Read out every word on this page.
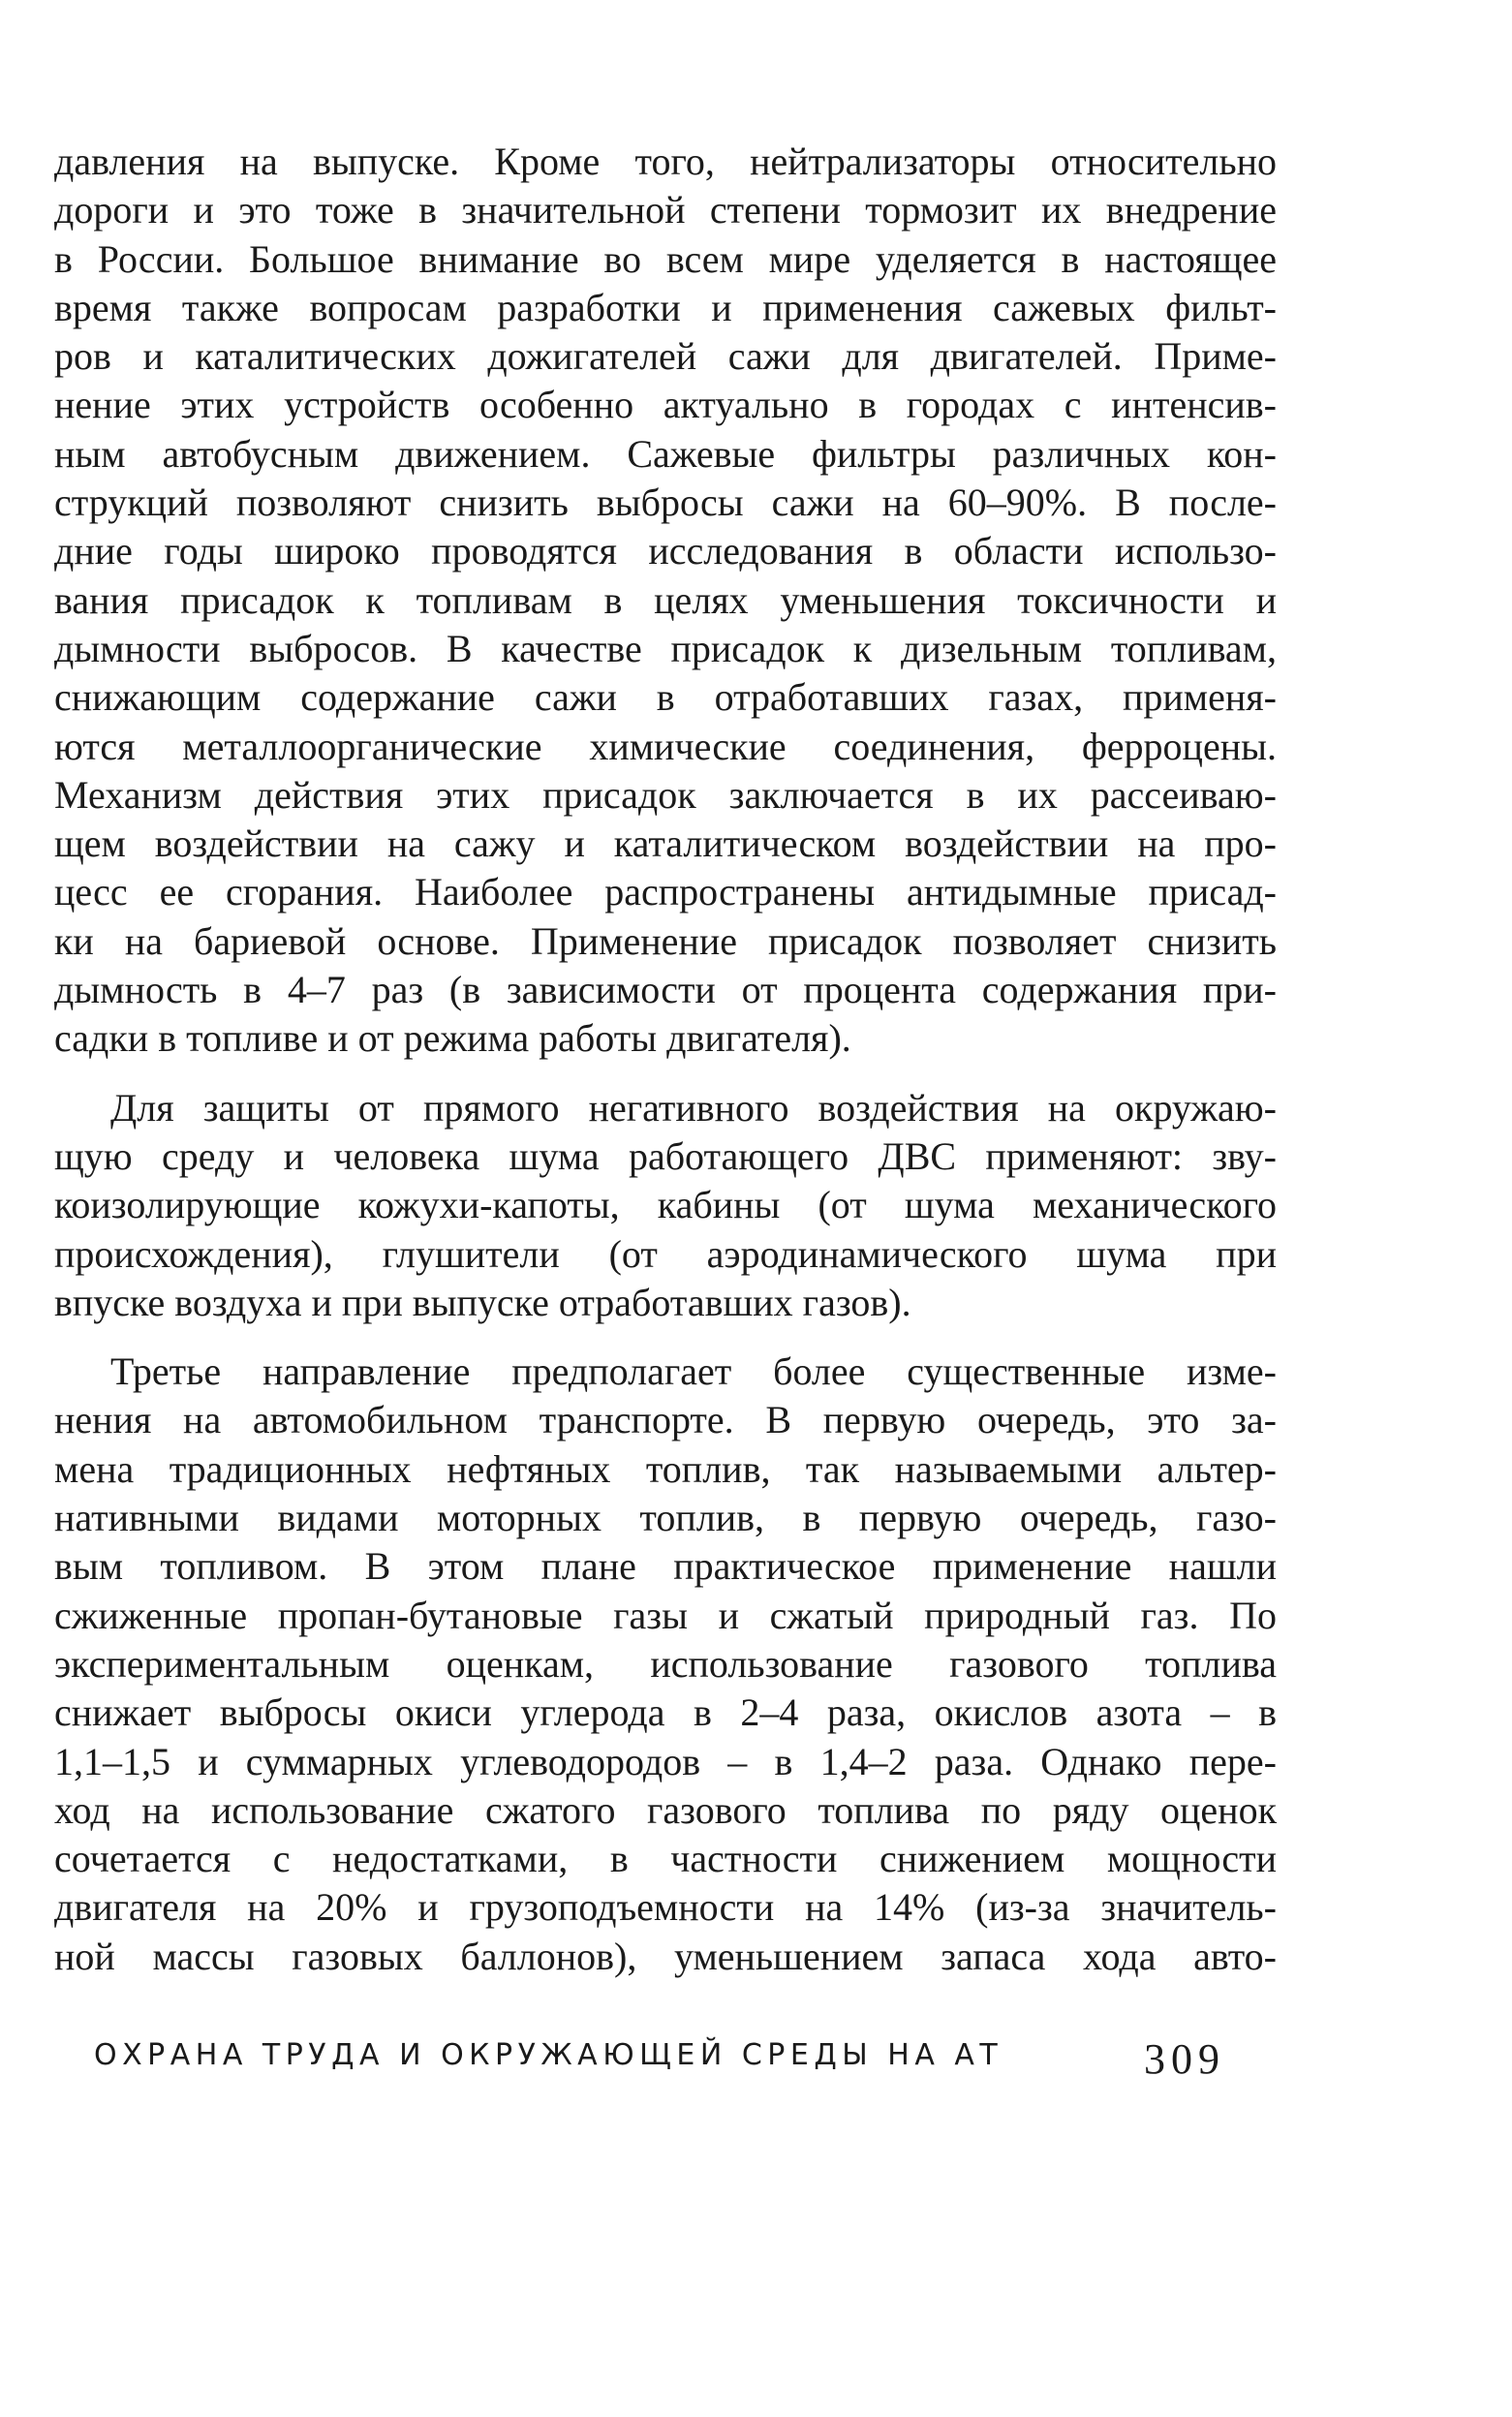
давления на выпуске. Кроме того, нейтрализаторы относительно
дороги и это тоже в значительной степени тормозит их внедрение
в России. Большое внимание во всем мире уделяется в настоящее
время также вопросам разработки и применения сажевых фильт-
ров и каталитических дожигателей сажи для двигателей. Приме-
нение этих устройств особенно актуально в городах с интенсив-
ным автобусным движением. Сажевые фильтры различных кон-
струкций позволяют снизить выбросы сажи на 60–90%. В после-
дние годы широко проводятся исследования в области использо-
вания присадок к топливам в целях уменьшения токсичности и
дымности выбросов. В качестве присадок к дизельным топливам,
снижающим содержание сажи в отработавших газах, применя-
ются металлоорганические химические соединения, ферроцены.
Механизм действия этих присадок заключается в их рассеиваю-
щем воздействии на сажу и каталитическом воздействии на про-
цесс ее сгорания. Наиболее распространены антидымные присад-
ки на бариевой основе. Применение присадок позволяет снизить
дымность в 4–7 раз (в зависимости от процента содержания при-
садки в топливе и от режима работы двигателя).
Для защиты от прямого негативного воздействия на окружаю-
щую среду и человека шума работающего ДВС применяют: зву-
коизолирующие кожухи-капоты, кабины (от шума механического
происхождения), глушители (от аэродинамического шума при
впуске воздуха и при выпуске отработавших газов).
Третье направление предполагает более существенные изме-
нения на автомобильном транспорте. В первую очередь, это за-
мена традиционных нефтяных топлив, так называемыми альтер-
нативными видами моторных топлив, в первую очередь, газо-
вым топливом. В этом плане практическое применение нашли
сжиженные пропан-бутановые газы и сжатый природный газ. По
экспериментальным оценкам, использование газового топлива
снижает выбросы окиси углерода в 2–4 раза, окислов азота – в
1,1–1,5 и суммарных углеводородов – в 1,4–2 раза. Однако пере-
ход на использование сжатого газового топлива по ряду оценок
сочетается с недостатками, в частности снижением мощности
двигателя на 20% и грузоподъемности на 14% (из-за значитель-
ной массы газовых баллонов), уменьшением запаса хода авто-
ОХРАНА ТРУДА И ОКРУЖАЮЩЕЙ СРЕДЫ НА АТ	309
